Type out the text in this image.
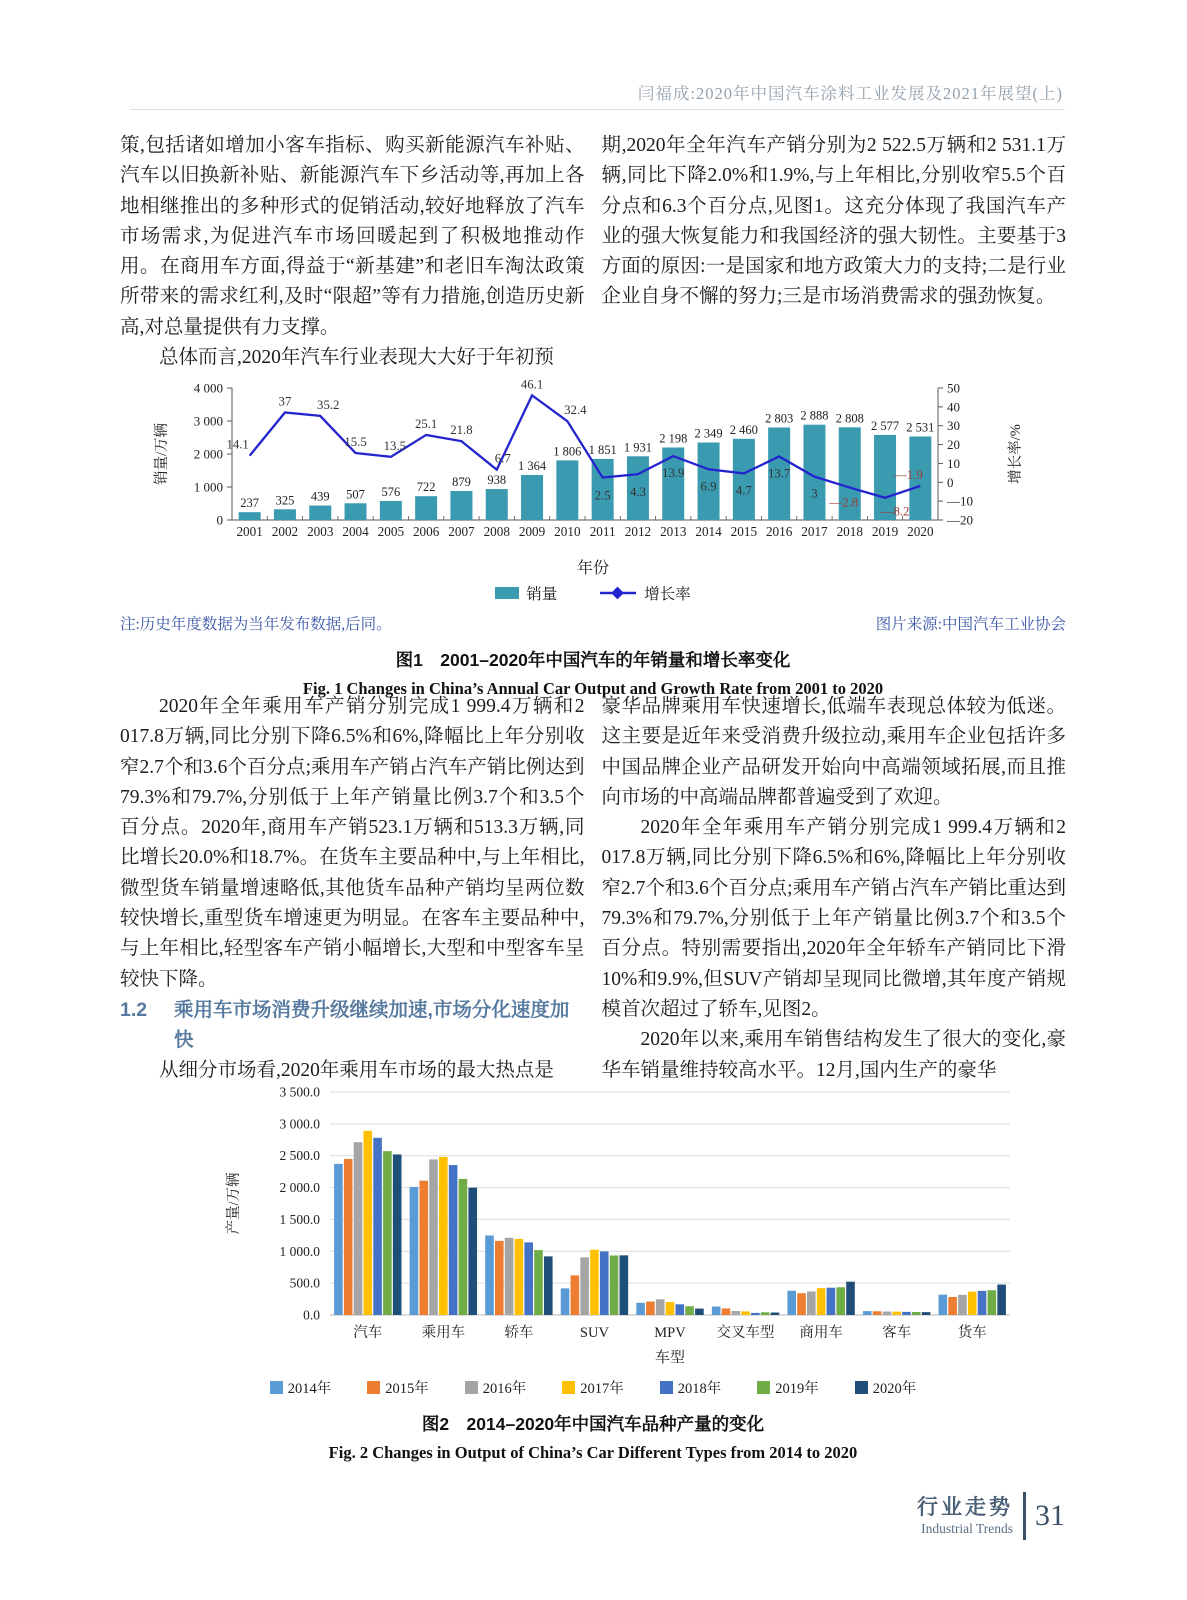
闫福成:2020年中国汽车涂料工业发展及2021年展望(上)

策,包括诸如增加小客车指标、购买新能源汽车补贴、汽车以旧换新补贴、新能源汽车下乡活动等,再加上各地相继推出的多种形式的促销活动,较好地释放了汽车市场需求,为促进汽车市场回暖起到了积极地推动作用。在商用车方面,得益于“新基建”和老旧车淘汰政策所带来的需求红利,及时“限超”等有力措施,创造历史新高,对总量提供有力支撑。

总体而言,2020年汽车行业表现大大好于年初预

期,2020年全年汽车产销分别为2 522.5万辆和2 531.1万辆,同比下降2.0%和1.9%,与上年相比,分别收窄5.5个百分点和6.3个百分点,见图1。这充分体现了我国汽车产业的强大恢复能力和我国经济的强大韧性。主要基于3方面的原因:一是国家和地方政策大力的支持;二是行业企业自身不懈的努力;三是市场消费需求的强劲恢复。

0
1 000
2 000
3 000
4 000
—20
—10
0
10
20
30
40
50
237
2001
325
2002
439
2003
507
2004
576
2005
722
2006
879
2007
938
2008
1 364
2009
1 806
2010
1 851
2011
1 931
2012
2 198
2013
2 349
2014
2 460
2015
2 803
2016
2 888
2017
2 808
2018
2 577
2019
2 531
2020
14.1
37 35.2
15.5 13.5
25.1 21.8
6.7
46.1
32.4
2.5 4.3
13.9
6.9 4.7
13.7
3
—2.8
—8.2
—1.9
销量/万辆	增长率/%
年份
销量	增长率
注:历史年度数据为当年发布数据,后同。	图片来源:中国汽车工业协会
图1　2001–2020年中国汽车的年销量和增长率变化
Fig. 1 Changes in China’s Annual Car Output and Growth Rate from 2001 to 2020

2020年全年乘用车产销分别完成1 999.4万辆和2 017.8万辆,同比分别下降6.5%和6%,降幅比上年分别收窄2.7个和3.6个百分点;乘用车产销占汽车产销比例达到79.3%和79.7%,分别低于上年产销量比例3.7个和3.5个百分点。2020年,商用车产销523.1万辆和513.3万辆,同比增长20.0%和18.7%。在货车主要品种中,与上年相比,微型货车销量增速略低,其他货车品种产销均呈两位数较快增长,重型货车增速更为明显。在客车主要品种中,与上年相比,轻型客车产销小幅增长,大型和中型客车呈较快下降。

1.2	乘用车市场消费升级继续加速,市场分化速度加快

从细分市场看,2020年乘用车市场的最大热点是

豪华品牌乘用车快速增长,低端车表现总体较为低迷。这主要是近年来受消费升级拉动,乘用车企业包括许多中国品牌企业产品研发开始向中高端领域拓展,而且推向市场的中高端品牌都普遍受到了欢迎。

2020年全年乘用车产销分别完成1 999.4万辆和2 017.8万辆,同比分别下降6.5%和6%,降幅比上年分别收窄2.7个和3.6个百分点;乘用车产销占汽车产销比重达到79.3%和79.7%,分别低于上年产销量比例3.7个和3.5个百分点。特别需要指出,2020年全年轿车产销同比下滑10%和9.9%,但SUV产销却呈现同比微增,其年度产销规模首次超过了轿车,见图2。

2020年以来,乘用车销售结构发生了很大的变化,豪华车销量维持较高水平。12月,国内生产的豪华

0.0
500.0
1 000.0
1 500.0
2 000.0
2 500.0
3 000.0
3 500.0
汽车	乘用车	轿车	SUV	MPV 交叉车型 商用车	客车	货车
车型
产量/万辆
2014年	2015年	2016年	2017年	2018年	2019年	2020年
图2　2014–2020年中国汽车品种产量的变化
Fig. 2 Changes in Output of China’s Car Different Types from 2014 to 2020
行业走势
Industrial Trends 31
